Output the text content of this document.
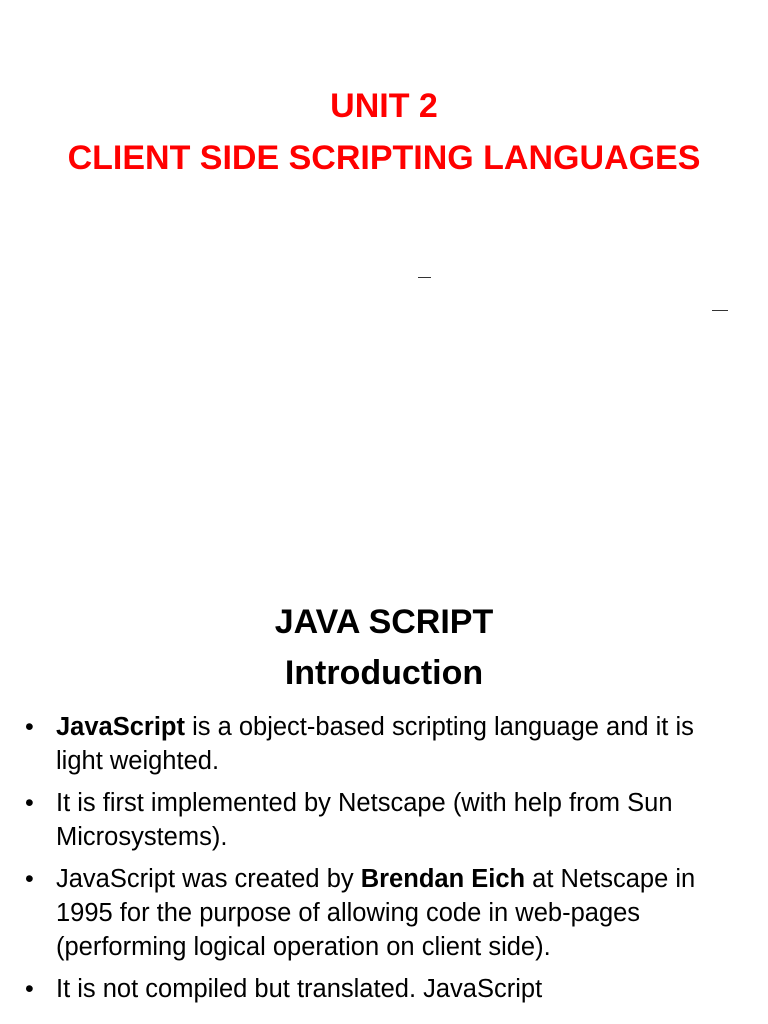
UNIT 2
CLIENT SIDE SCRIPTING LANGUAGES
JAVA SCRIPT
Introduction
• JavaScript is a object-based scripting language and it is light weighted.
• It is first implemented by Netscape (with help from Sun Microsystems).
• JavaScript was created by Brendan Eich at Netscape in 1995 for the purpose of allowing code in web-pages (performing logical operation on client side).
• It is not compiled but translated. JavaScript
